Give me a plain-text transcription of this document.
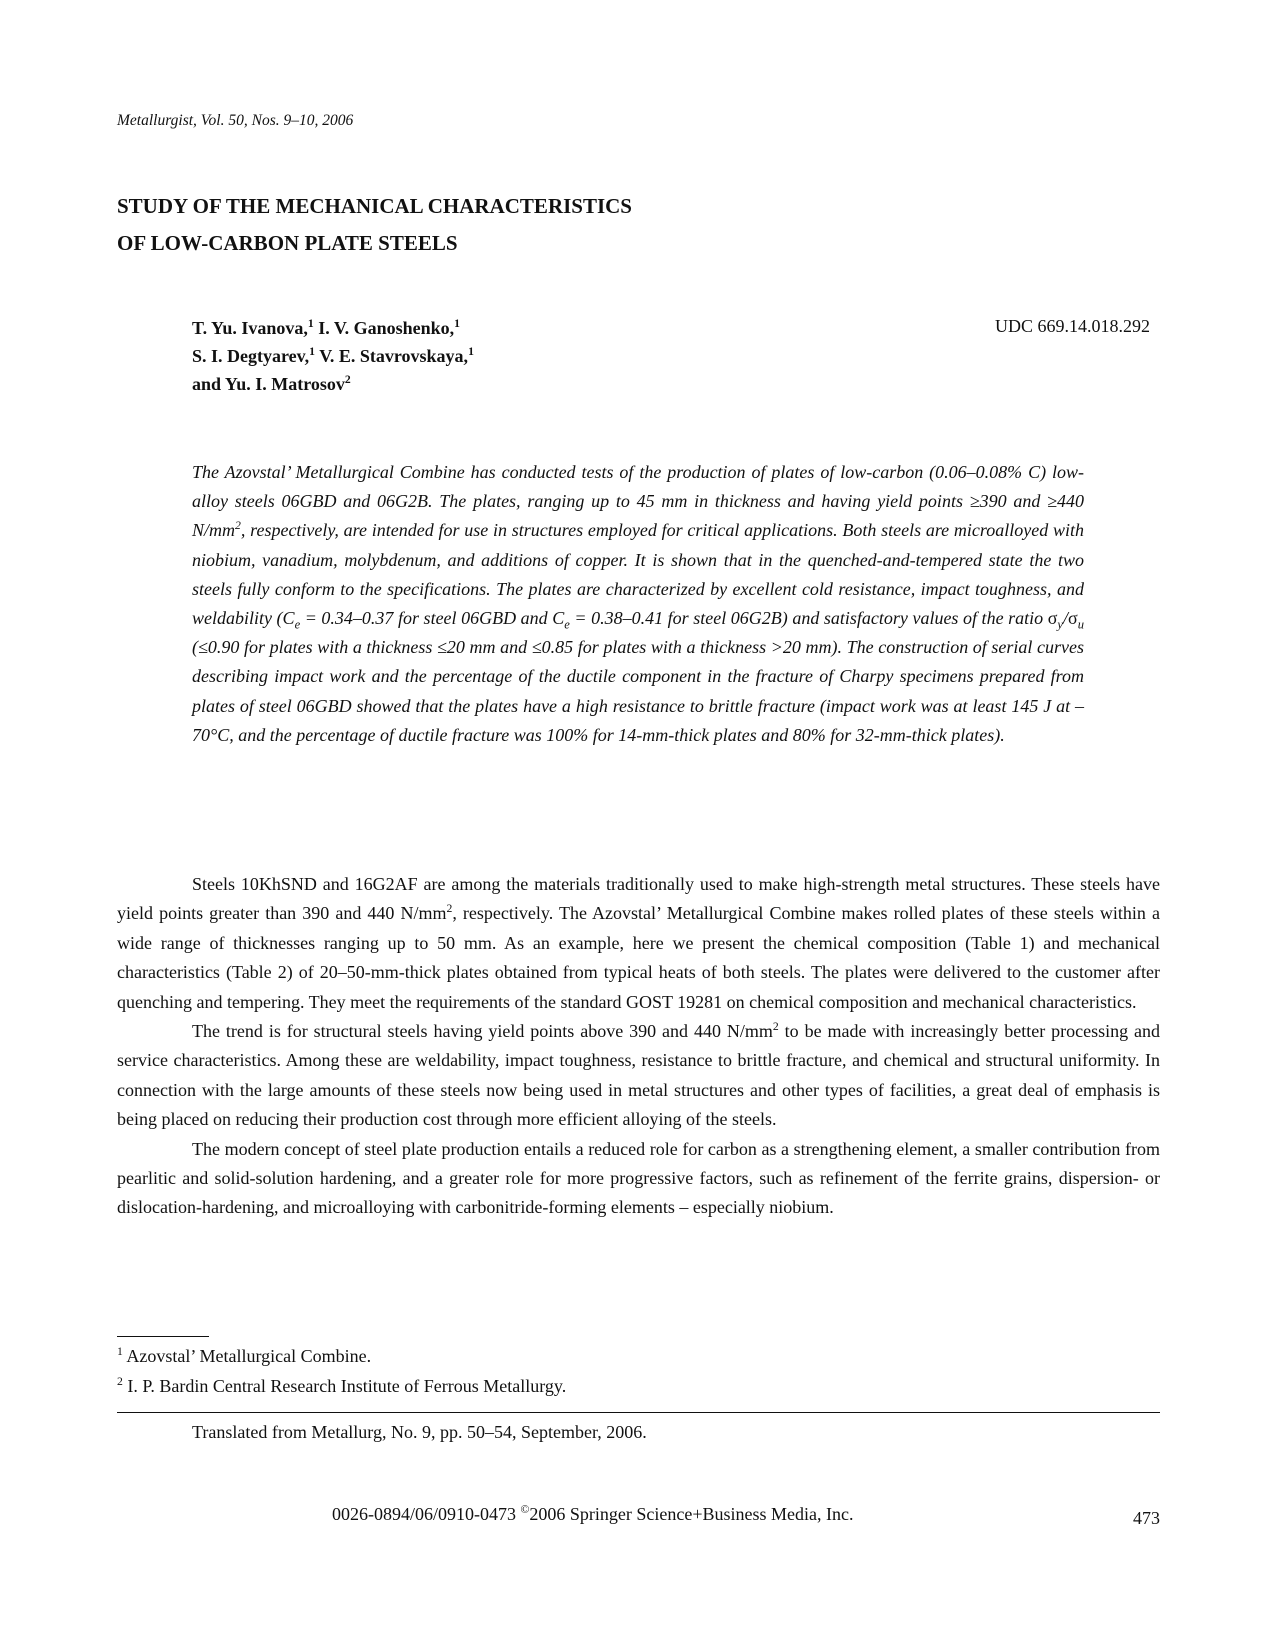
Metallurgist, Vol. 50, Nos. 9–10, 2006
STUDY OF THE MECHANICAL CHARACTERISTICS
OF LOW-CARBON PLATE STEELS
T. Yu. Ivanova,$^1$ I. V. Ganoshenko,$^1$
S. I. Degtyarev,$^1$ V. E. Stavrovskaya,$^1$
and Yu. I. Matrosov$^2$
UDC 669.14.018.292

The Azovstal’ Metallurgical Combine has conducted tests of the production of plates of low-carbon (0.06–0.08% C) low-alloy steels 06GBD and 06G2B. The plates, ranging up to 45 mm in thickness and having yield points ≥390 and ≥440 $N/mm^2$, respectively, are intended for use in structures employed for critical applications. Both steels are microalloyed with niobium, vanadium, molybdenum, and additions of copper. It is shown that in the quenched-and-tempered state the two steels fully conform to the specifications. The plates are characterized by excellent cold resistance, impact toughness, and weldability ($C_e = 0.34-0.37$ for steel 06GBD and $C_e = 0.38-0.41$ for steel 06G2B) and satisfactory values of the ratio $\sigma_y/\sigma_u$ (≤0.90 for plates with a thickness ≤20 mm and ≤0.85 for plates with a thickness >20 mm). The construction of serial curves describing impact work and the percentage of the ductile component in the fracture of Charpy specimens prepared from plates of steel 06GBD showed that the plates have a high resistance to brittle fracture (impact work was at least 145 J at –70°C, and the percentage of ductile fracture was 100% for 14-mm-thick plates and 80% for 32-mm-thick plates).

Steels 10KhSND and 16G2AF are among the materials traditionally used to make high-strength metal structures. These steels have yield points greater than 390 and 440 $N/mm^2$, respectively. The Azovstal’ Metallurgical Combine makes rolled plates of these steels within a wide range of thicknesses ranging up to 50 mm. As an example, here we present the chemical composition (Table 1) and mechanical characteristics (Table 2) of 20–50-mm-thick plates obtained from typical heats of both steels. The plates were delivered to the customer after quenching and tempering. They meet the requirements of the standard GOST 19281 on chemical composition and mechanical characteristics.

The trend is for structural steels having yield points above 390 and 440 $N/mm^2$ to be made with increasingly better processing and service characteristics. Among these are weldability, impact toughness, resistance to brittle fracture, and chemical and structural uniformity. In connection with the large amounts of these steels now being used in metal structures and other types of facilities, a great deal of emphasis is being placed on reducing their production cost through more efficient alloying of the steels.

The modern concept of steel plate production entails a reduced role for carbon as a strengthening element, a smaller contribution from pearlitic and solid-solution hardening, and a greater role for more progressive factors, such as refinement of the ferrite grains, dispersion- or dislocation-hardening, and microalloying with carbonitride-forming elements – especially niobium.

$^1$ Azovstal’ Metallurgical Combine.
$^2$ I. P. Bardin Central Research Institute of Ferrous Metallurgy.
Translated from Metallurg, No. 9, pp. 50–54, September, 2006.
0026-0894/06/0910-0473 ©2006 Springer Science+Business Media, Inc.	473
